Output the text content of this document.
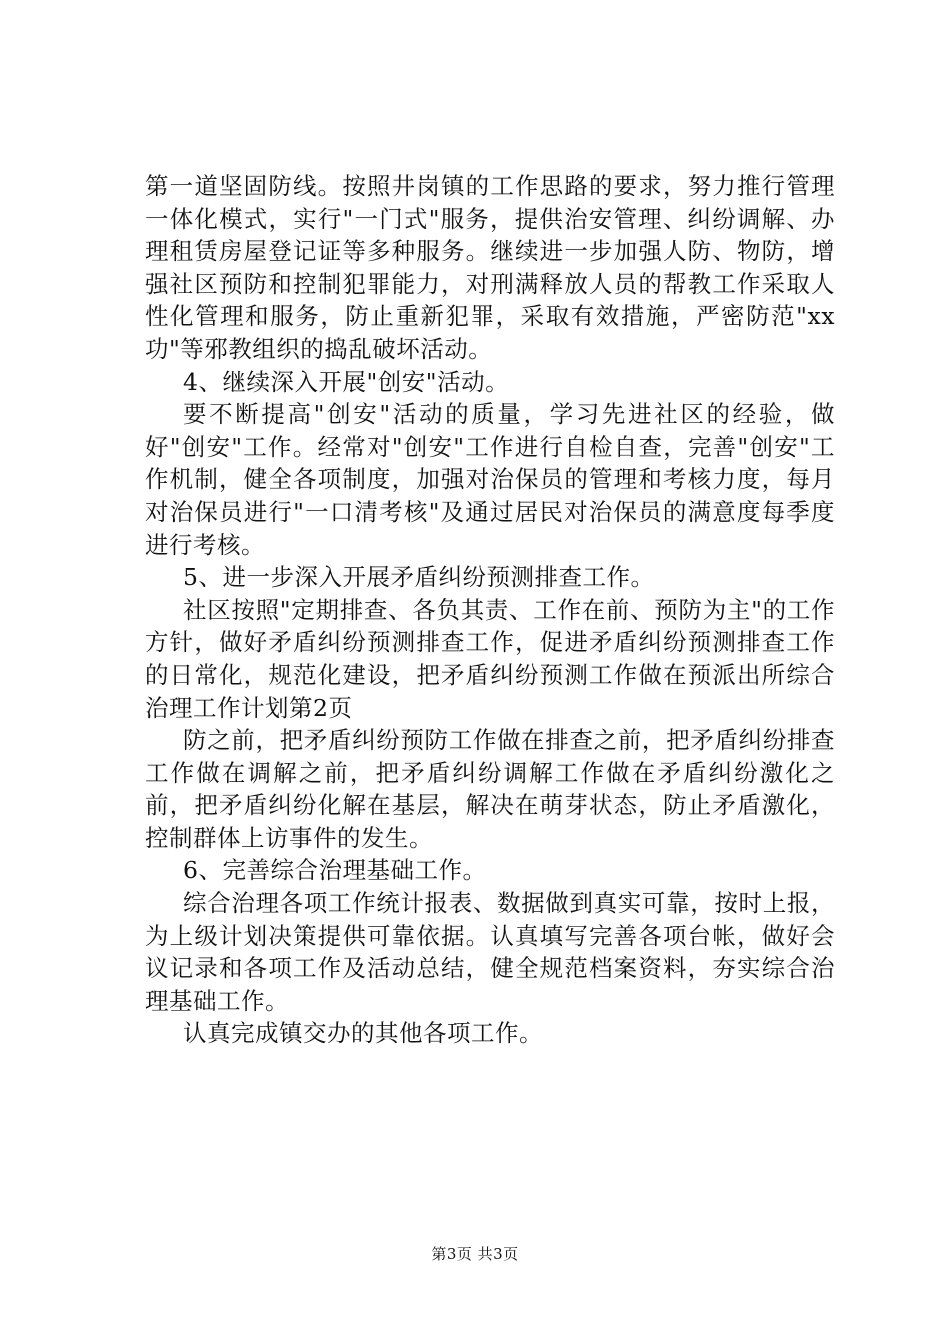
第一道坚固防线。按照井岗镇的工作思路的要求，努力推行管理一体化模式，实行"一门式"服务，提供治安管理、纠纷调解、办理租赁房屋登记证等多种服务。继续进一步加强人防、物防，增强社区预防和控制犯罪能力，对刑满释放人员的帮教工作采取人性化管理和服务，防止重新犯罪，采取有效措施，严密防范"xx功"等邪教组织的捣乱破坏活动。

4、继续深入开展"创安"活动。

要不断提高"创安"活动的质量，学习先进社区的经验，做好"创安"工作。经常对"创安"工作进行自检自查，完善"创安"工作机制，健全各项制度，加强对治保员的管理和考核力度，每月对治保员进行"一口清考核"及通过居民对治保员的满意度每季度进行考核。

5、进一步深入开展矛盾纠纷预测排查工作。

社区按照"定期排查、各负其责、工作在前、预防为主"的工作方针，做好矛盾纠纷预测排查工作，促进矛盾纠纷预测排查工作的日常化，规范化建设，把矛盾纠纷预测工作做在预派出所综合治理工作计划第2页

防之前，把矛盾纠纷预防工作做在排查之前，把矛盾纠纷排查工作做在调解之前，把矛盾纠纷调解工作做在矛盾纠纷激化之前，把矛盾纠纷化解在基层，解决在萌芽状态，防止矛盾激化，控制群体上访事件的发生。

6、完善综合治理基础工作。

综合治理各项工作统计报表、数据做到真实可靠，按时上报，为上级计划决策提供可靠依据。认真填写完善各项台帐，做好会议记录和各项工作及活动总结，健全规范档案资料，夯实综合治理基础工作。

认真完成镇交办的其他各项工作。

第3页 共3页
